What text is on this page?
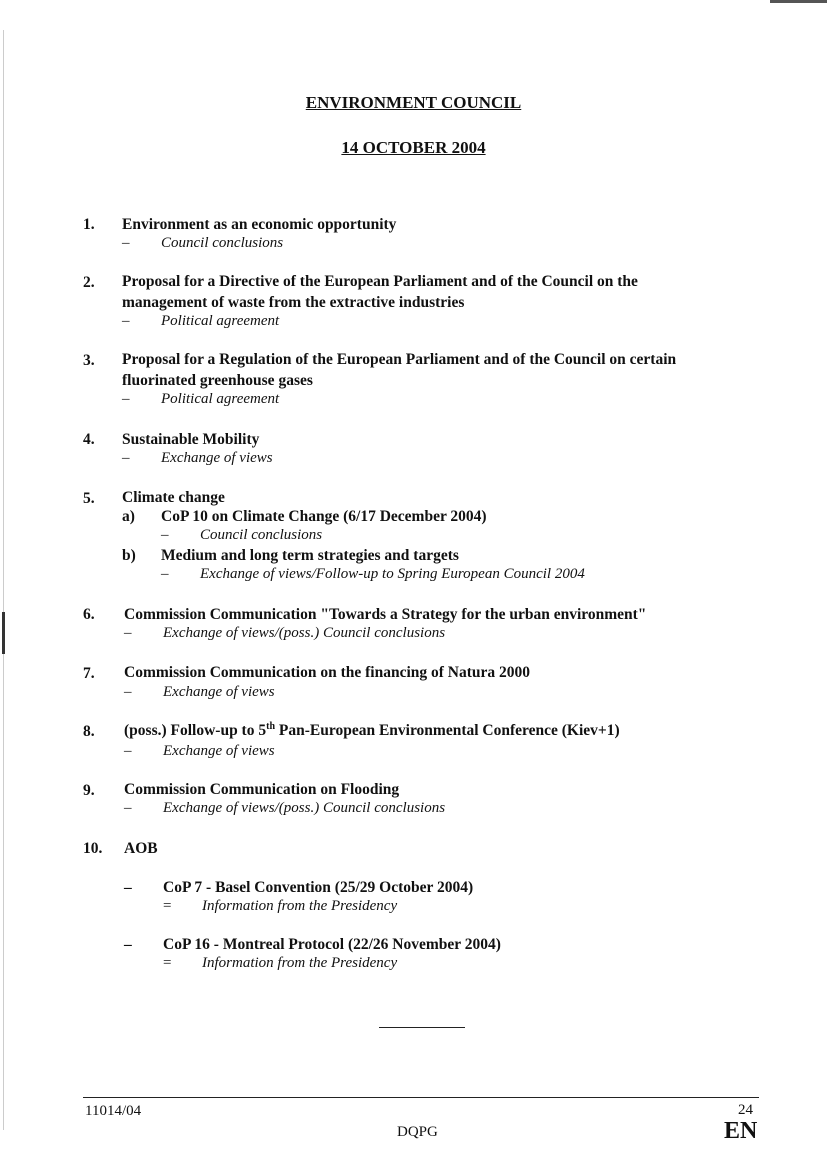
ENVIRONMENT COUNCIL
14 OCTOBER 2004
1. Environment as an economic opportunity
– Council conclusions
2. Proposal for a Directive of the European Parliament and of the Council on the
management of waste from the extractive industries
– Political agreement
3. Proposal for a Regulation of the European Parliament and of the Council on certain
fluorinated greenhouse gases
– Political agreement
4. Sustainable Mobility
– Exchange of views
5. Climate change
a) CoP 10 on Climate Change (6/17 December 2004)
– Council conclusions
b) Medium and long term strategies and targets
– Exchange of views/Follow-up to Spring European Council 2004
6. Commission Communication "Towards a Strategy for the urban environment"
– Exchange of views/(poss.) Council conclusions
7. Commission Communication on the financing of Natura 2000
– Exchange of views
8. (poss.) Follow-up to 5th Pan-European Environmental Conference (Kiev+1)
– Exchange of views
9. Commission Communication on Flooding
– Exchange of views/(poss.) Council conclusions
10. AOB
– CoP 7 - Basel Convention (25/29 October 2004)
= Information from the Presidency
– CoP 16 - Montreal Protocol (22/26 November 2004)
= Information from the Presidency
11014/04
DQPG
24
EN
